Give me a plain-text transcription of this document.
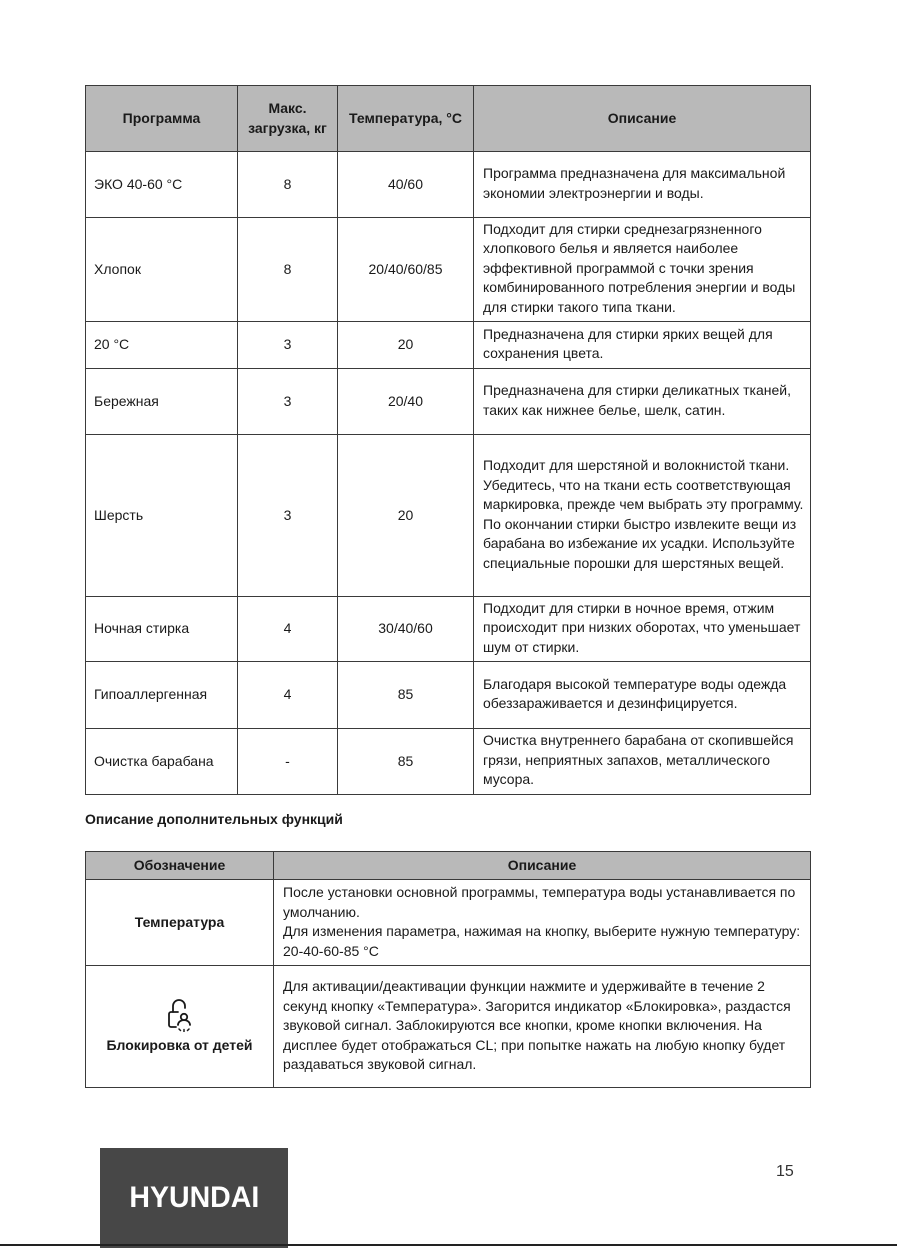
Программа	Макс. загрузка, кг	Температура, °С	Описание
ЭКО 40-60 °С	8	40/60	Программа предназначена для максимальной экономии электроэнергии и воды.
Хлопок	8	20/40/60/85	Подходит для стирки среднезагрязненного хлопкового белья и является наиболее эффективной программой с точки зрения комбинированного потребления энергии и воды для стирки такого типа ткани.
20 °С	3	20	Предназначена для стирки ярких вещей для сохранения цвета.
Бережная	3	20/40	Предназначена для стирки деликатных тканей, таких как нижнее белье, шелк, сатин.
Шерсть	3	20	Подходит для шерстяной и волокнистой ткани. Убедитесь, что на ткани есть соответствующая маркировка, прежде чем выбрать эту программу. По окончании стирки быстро извлеките вещи из барабана во избежание их усадки. Используйте специальные порошки для шерстяных вещей.
Ночная стирка	4	30/40/60	Подходит для стирки в ночное время, отжим происходит при низких оборотах, что уменьшает шум от стирки.
Гипоаллергенная	4	85	Благодаря высокой температуре воды одежда обеззараживается и дезинфицируется.
Очистка барабана	-	85	Очистка внутреннего барабана от скопившейся грязи, неприятных запахов, металлического мусора.
Описание дополнительных функций
Обозначение	Описание
Температура	После установки основной программы, температура воды устанавливается по умолчанию.
Для изменения параметра, нажимая на кнопку, выберите нужную температуру: 20-40-60-85 °С

Блокировка от детей	Для активации/деактивации функции нажмите и удерживайте в течение 2 секунд кнопку «Температура». Загорится индикатор «Блокировка», раздастся звуковой сигнал. Заблокируются все кнопки, кроме кнопки включения. На дисплее будет отображаться CL; при попытке нажать на любую кнопку будет раздаваться звуковой сигнал.
HYUNDAI
15
